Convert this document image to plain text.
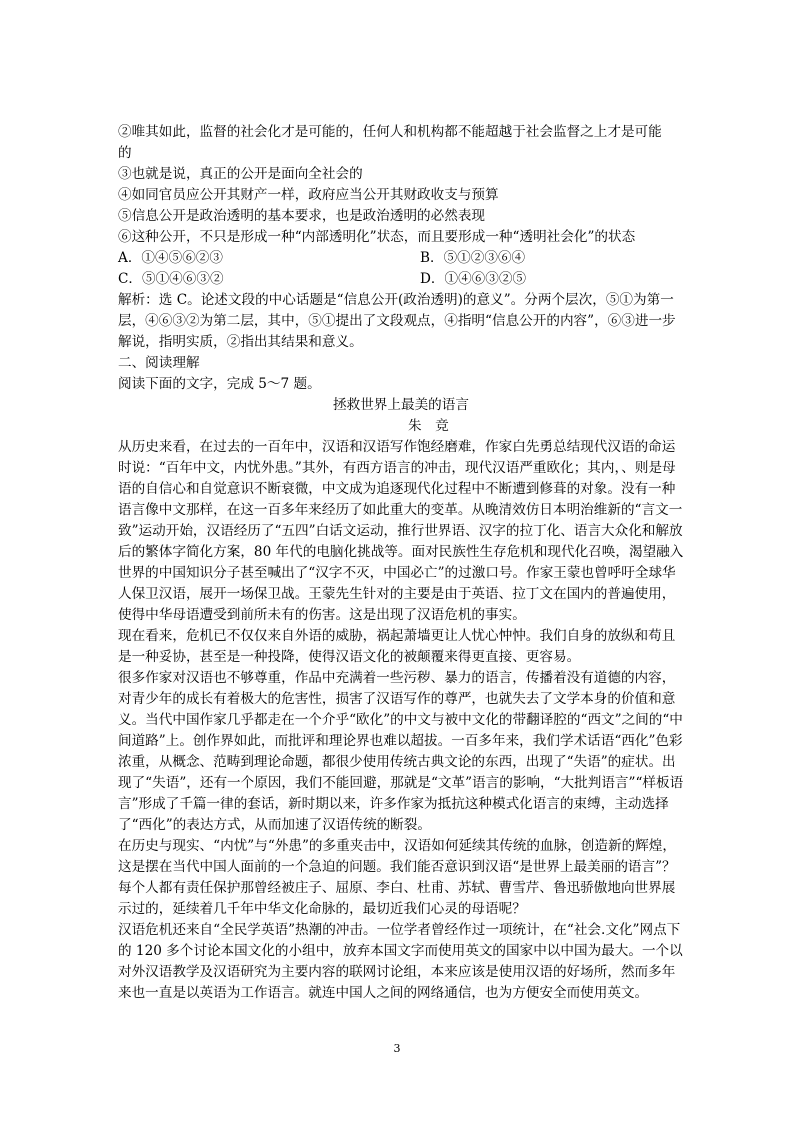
②唯其如此，监督的社会化才是可能的，任何人和机构都不能超越于社会监督之上才是可能

的

③也就是说，真正的公开是面向全社会的

④如同官员应公开其财产一样，政府应当公开其财政收支与预算

⑤信息公开是政治透明的基本要求，也是政治透明的必然表现

⑥这种公开，不只是形成一种“内部透明化”状态，而且要形成一种“透明社会化”的状态

A．①④⑤⑥②③	B．⑤①②③⑥④
C．⑤①④⑥③②	D．①④⑥③②⑤

解析：选 C。论述文段的中心话题是“信息公开(政治透明)的意义”。分两个层次，⑤①为第一层，④⑥③②为第二层，其中，⑤①提出了文段观点，④指明“信息公开的内容”，⑥③进一步解说，指明实质，②指出其结果和意义。

二、阅读理解

阅读下面的文字，完成 5～7 题。

拯救世界上最美的语言

朱　竞

从历史来看，在过去的一百年中，汉语和汉语写作饱经磨难，作家白先勇总结现代汉语的命运时说：“百年中文，内忧外患。”其外，有西方语言的冲击，现代汉语严重欧化；其内，、则是母语的自信心和自觉意识不断衰微，中文成为追逐现代化过程中不断遭到修葺的对象。没有一种语言像中文那样，在这一百多年来经历了如此重大的变革。从晚清效仿日本明治维新的“言文一致”运动开始，汉语经历了“五四”白话文运动，推行世界语、汉字的拉丁化、语言大众化和解放后的繁体字简化方案，80 年代的电脑化挑战等。面对民族性生存危机和现代化召唤，渴望融入世界的中国知识分子甚至喊出了“汉字不灭，中国必亡”的过激口号。作家王蒙也曾呼吁全球华人保卫汉语，展开一场保卫战。王蒙先生针对的主要是由于英语、拉丁文在国内的普遍使用，使得中华母语遭受到前所未有的伤害。这是出现了汉语危机的事实。

现在看来，危机已不仅仅来自外语的威胁，祸起萧墙更让人忧心忡忡。我们自身的放纵和苟且是一种妥协，甚至是一种投降，使得汉语文化的被颠覆来得更直接、更容易。

很多作家对汉语也不够尊重，作品中充满着一些污秽、暴力的语言，传播着没有道德的内容，对青少年的成长有着极大的危害性，损害了汉语写作的尊严，也就失去了文学本身的价值和意义。当代中国作家几乎都走在一个介乎“欧化”的中文与被中文化的带翻译腔的“西文”之间的“中间道路”上。创作界如此，而批评和理论界也难以超拔。一百多年来，我们学术话语“西化”色彩浓重，从概念、范畴到理论命题，都很少使用传统古典文论的东西，出现了“失语”的症状。出现了“失语”，还有一个原因，我们不能回避，那就是“文革”语言的影响，“大批判语言”“样板语言”形成了千篇一律的套话，新时期以来，许多作家为抵抗这种模式化语言的束缚，主动选择了“西化”的表达方式，从而加速了汉语传统的断裂。

在历史与现实、“内忧”与“外患”的多重夹击中，汉语如何延续其传统的血脉，创造新的辉煌，这是摆在当代中国人面前的一个急迫的问题。我们能否意识到汉语“是世界上最美丽的语言”？每个人都有责任保护那曾经被庄子、屈原、李白、杜甫、苏轼、曹雪芹、鲁迅骄傲地向世界展示过的，延续着几千年中华文化命脉的，最切近我们心灵的母语呢？

汉语危机还来自“全民学英语”热潮的冲击。一位学者曾经作过一项统计，在“社会.文化”网点下的 120 多个讨论本国文化的小组中，放弃本国文字而使用英文的国家中以中国为最大。一个以对外汉语教学及汉语研究为主要内容的联网讨论组，本来应该是使用汉语的好场所，然而多年来也一直是以英语为工作语言。就连中国人之间的网络通信，也为方便安全而使用英文。

3
